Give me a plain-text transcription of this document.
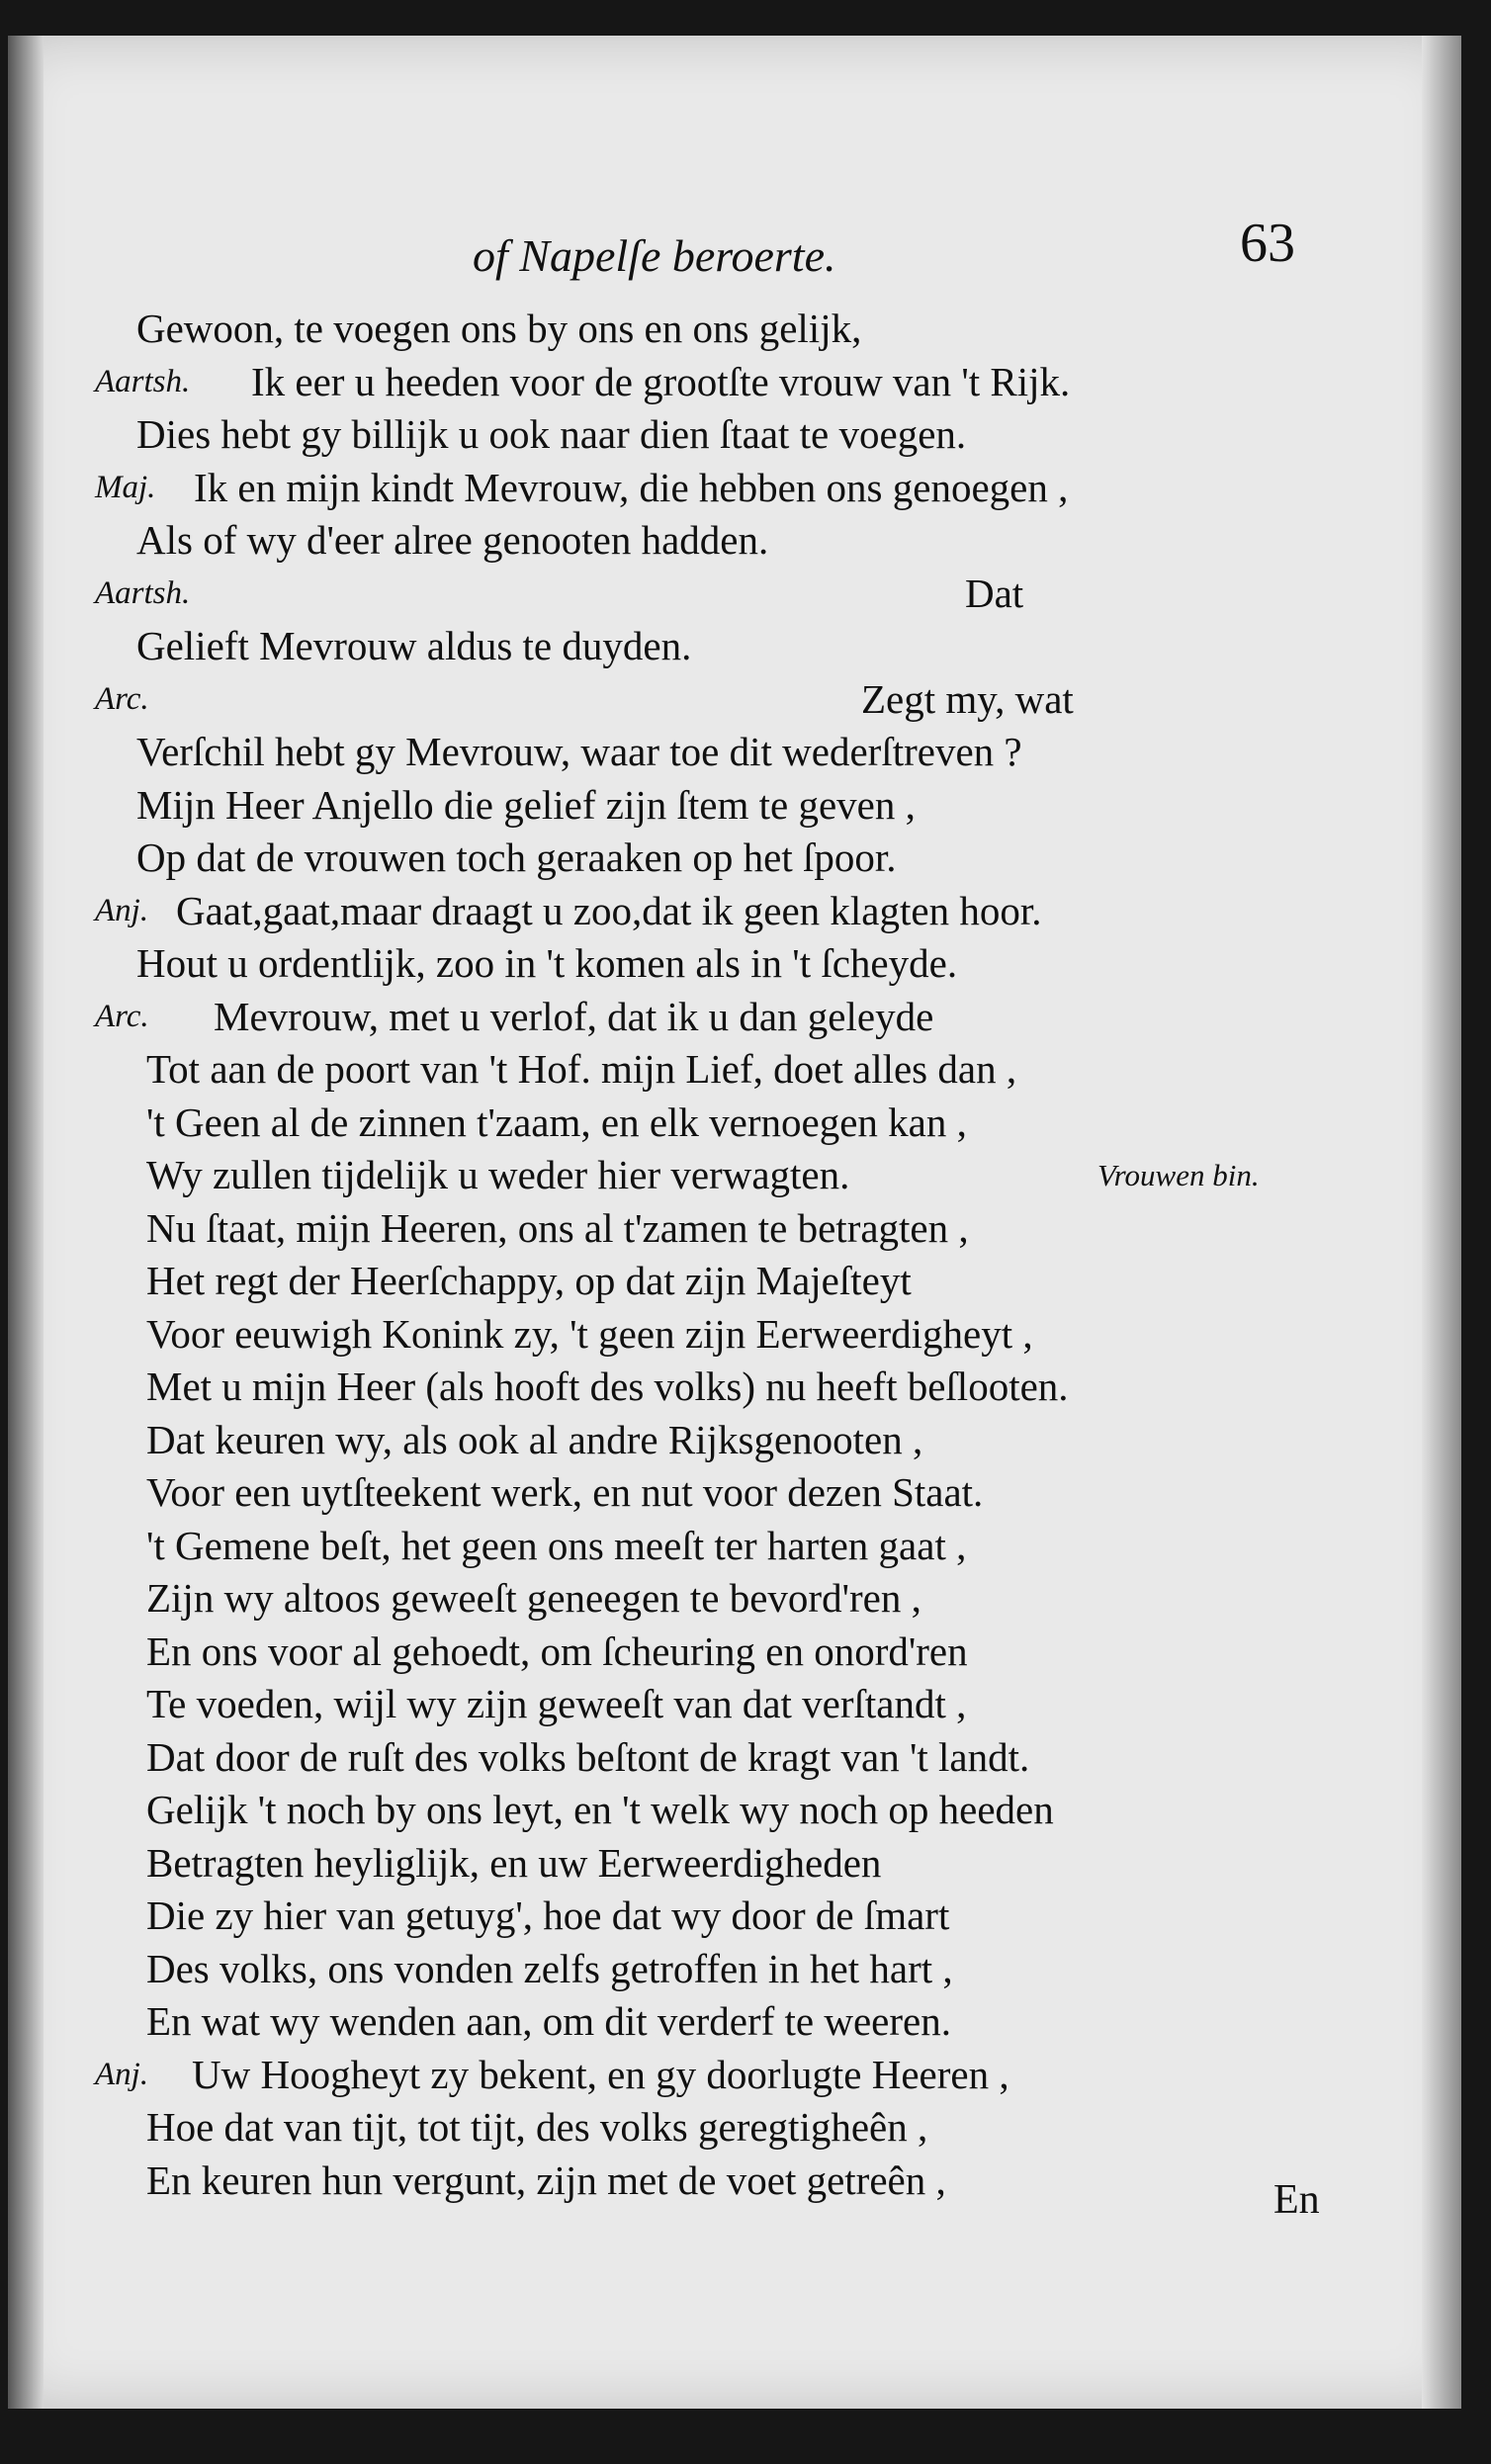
of Napelſe beroerte.	63
Gewoon, te voegen ons by ons en ons gelijk,
Aartsh. Ik eer u heeden voor de grootſte vrouw van 't Rijk.
Dies hebt gy billijk u ook naar dien ſtaat te voegen.
Maj. Ik en mijn kindt Mevrouw, die hebben ons genoegen ,
Als of wy d'eer alree genooten hadden.
Aartsh.	Dat
Gelieft Mevrouw aldus te duyden.
Arc.	Zegt my, wat
Verſchil hebt gy Mevrouw, waar toe dit wederſtreven ?
Mijn Heer Anjello die gelief zijn ſtem te geven ,
Op dat de vrouwen toch geraaken op het ſpoor.
Anj. Gaat,gaat,maar draagt u zoo,dat ik geen klagten hoor.
Hout u ordentlijk, zoo in 't komen als in 't ſcheyde.
Arc. Mevrouw, met u verlof, dat ik u dan geleyde
Tot aan de poort van 't Hof. mijn Lief, doet alles dan ,
't Geen al de zinnen t'zaam, en elk vernoegen kan ,
Wy zullen tijdelijk u weder hier verwagten.	Vrouwen bin.
Nu ſtaat, mijn Heeren, ons al t'zamen te betragten ,
Het regt der Heerſchappy, op dat zijn Majeſteyt
Voor eeuwigh Konink zy, 't geen zijn Eerweerdigheyt ,
Met u mijn Heer (als hooft des volks) nu heeft beſlooten.
Dat keuren wy, als ook al andre Rijksgenooten ,
Voor een uytſteekent werk, en nut voor dezen Staat.
't Gemene beſt, het geen ons meeſt ter harten gaat ,
Zijn wy altoos geweeſt geneegen te bevord'ren ,
En ons voor al gehoedt, om ſcheuring en onord'ren
Te voeden, wijl wy zijn geweeſt van dat verſtandt ,
Dat door de ruſt des volks beſtont de kragt van 't landt.
Gelijk 't noch by ons leyt, en 't welk wy noch op heeden
Betragten heyliglijk, en uw Eerweerdigheden
Die zy hier van getuyg', hoe dat wy door de ſmart
Des volks, ons vonden zelfs getroffen in het hart ,
En wat wy wenden aan, om dit verderf te weeren.
Anj. Uw Hoogheyt zy bekent, en gy doorlugte Heeren ,
Hoe dat van tijt, tot tijt, des volks geregtigheên ,
En keuren hun vergunt, zijn met de voet getreên ,	En
